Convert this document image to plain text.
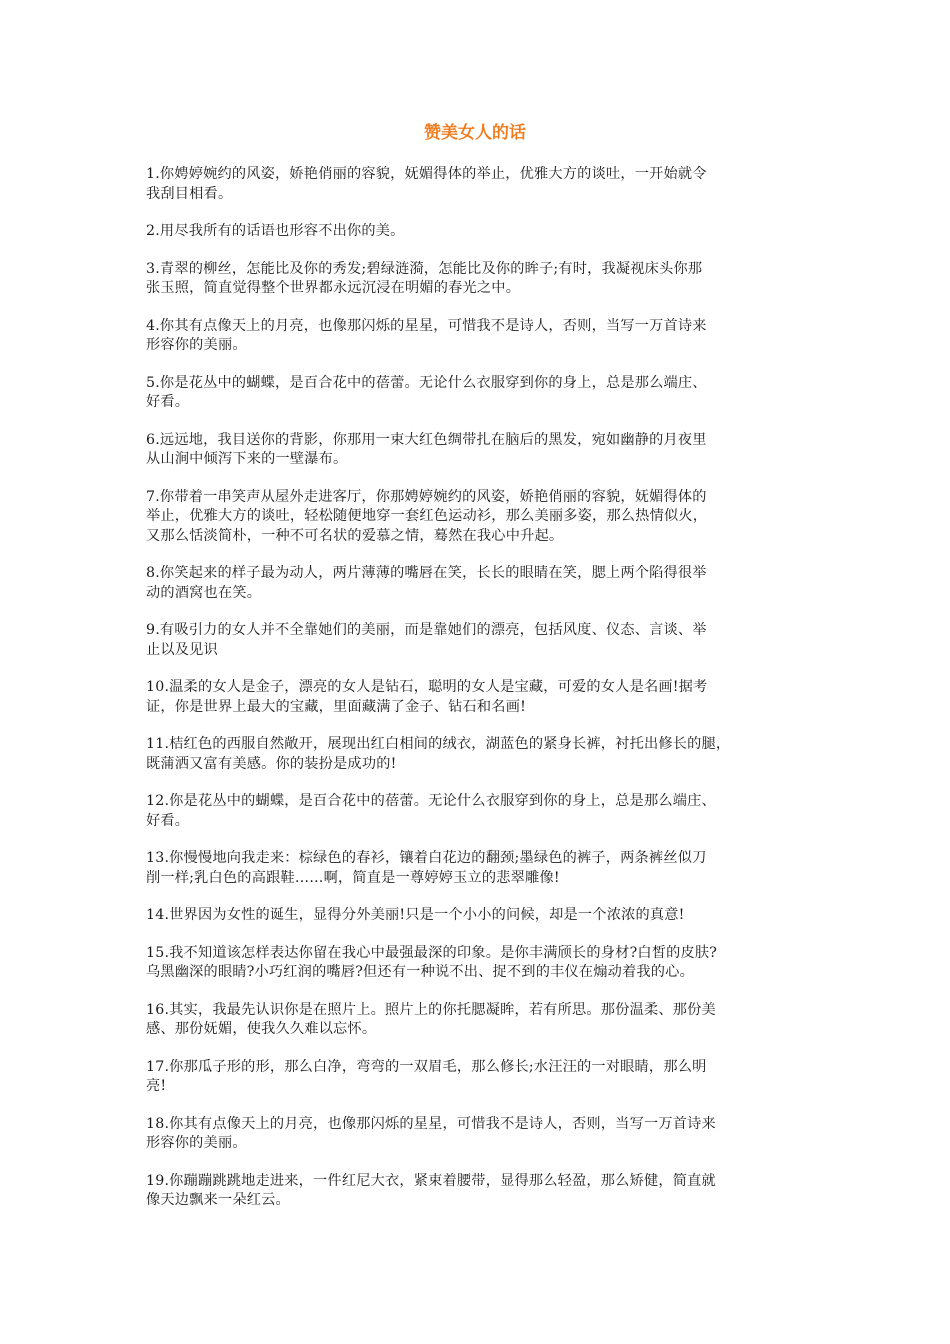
赞美女人的话

1.你娉婷婉约的风姿，娇艳俏丽的容貌，妩媚得体的举止，优雅大方的谈吐，一开始就令
我刮目相看。

2.用尽我所有的话语也形容不出你的美。

3.青翠的柳丝，怎能比及你的秀发;碧绿涟漪，怎能比及你的眸子;有时，我凝视床头你那
张玉照，简直觉得整个世界都永远沉浸在明媚的春光之中。

4.你其有点像天上的月亮，也像那闪烁的星星，可惜我不是诗人，否则，当写一万首诗来
形容你的美丽。

5.你是花丛中的蝴蝶，是百合花中的蓓蕾。无论什么衣服穿到你的身上，总是那么端庄、
好看。

6.远远地，我目送你的背影，你那用一束大红色绸带扎在脑后的黑发，宛如幽静的月夜里
从山涧中倾泻下来的一壁瀑布。

7.你带着一串笑声从屋外走进客厅，你那娉婷婉约的风姿，娇艳俏丽的容貌，妩媚得体的
举止，优雅大方的谈吐，轻松随便地穿一套红色运动衫，那么美丽多姿，那么热情似火，
又那么恬淡简朴，一种不可名状的爱慕之情，蓦然在我心中升起。

8.你笑起来的样子最为动人，两片薄薄的嘴唇在笑，长长的眼睛在笑，腮上两个陷得很举
动的酒窝也在笑。

9.有吸引力的女人并不全靠她们的美丽，而是靠她们的漂亮，包括风度、仪态、言谈、举
止以及见识

10.温柔的女人是金子，漂亮的女人是钻石，聪明的女人是宝藏，可爱的女人是名画!据考
证，你是世界上最大的宝藏，里面藏满了金子、钻石和名画!

11.桔红色的西服自然敞开，展现出红白相间的绒衣，湖蓝色的紧身长裤，衬托出修长的腿，
既蒲洒又富有美感。你的装扮是成功的!

12.你是花丛中的蝴蝶，是百合花中的蓓蕾。无论什么衣服穿到你的身上，总是那么端庄、
好看。

13.你慢慢地向我走来：棕绿色的春衫，镶着白花边的翻颈;墨绿色的裤子，两条裤丝似刀
削一样;乳白色的高跟鞋……啊，简直是一尊婷婷玉立的悲翠雕像!

14.世界因为女性的诞生，显得分外美丽!只是一个小小的问候，却是一个浓浓的真意!

15.我不知道该怎样表达你留在我心中最强最深的印象。是你丰满颀长的身材?白皙的皮肤?
乌黑幽深的眼睛?小巧红润的嘴唇?但还有一种说不出、捉不到的丰仪在煽动着我的心。

16.其实，我最先认识你是在照片上。照片上的你托腮凝眸，若有所思。那份温柔、那份美
感、那份妩媚，使我久久难以忘怀。

17.你那瓜子形的形，那么白净，弯弯的一双眉毛，那么修长;水汪汪的一对眼睛，那么明
亮!

18.你其有点像天上的月亮，也像那闪烁的星星，可惜我不是诗人，否则，当写一万首诗来
形容你的美丽。

19.你蹦蹦跳跳地走进来，一件红尼大衣，紧束着腰带，显得那么轻盈，那么矫健，简直就
像天边飘来一朵红云。
